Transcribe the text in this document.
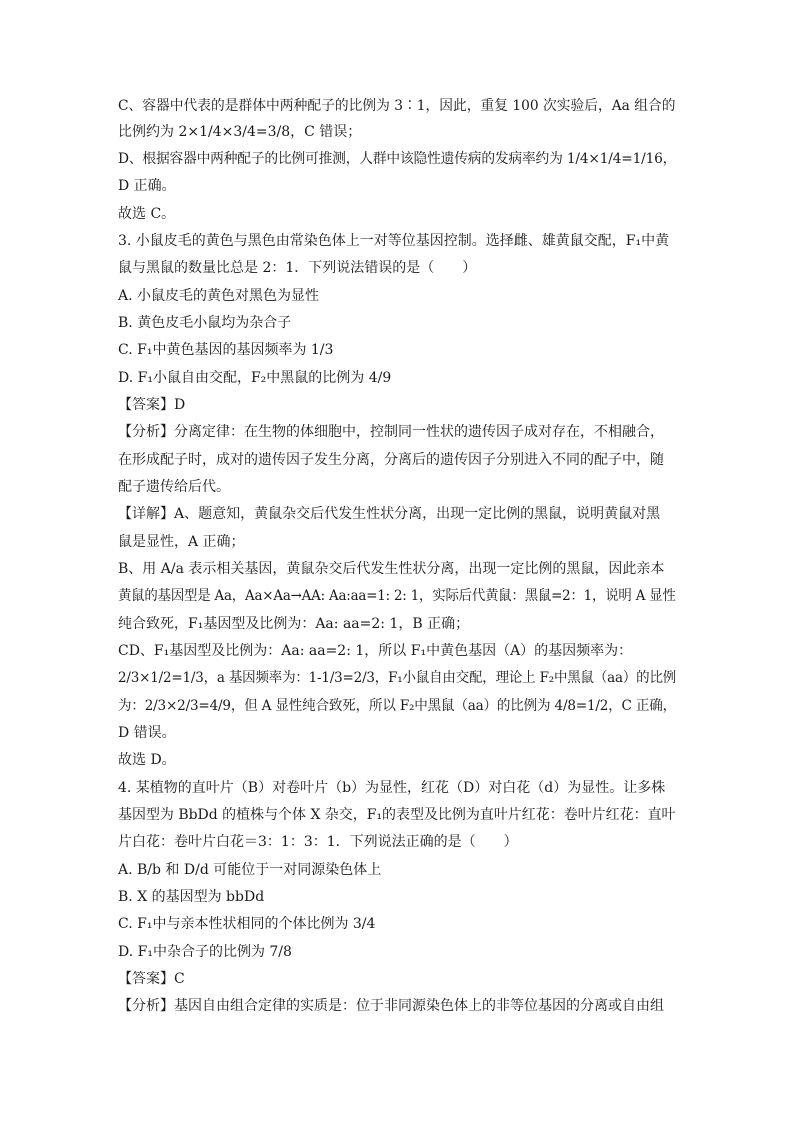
C、容器中代表的是群体中两种配子的比例为 3∶1，因此，重复 100 次实验后，Aa 组合的
比例约为 2×1/4×3/4=3/8，C 错误；
D、根据容器中两种配子的比例可推测，人群中该隐性遗传病的发病率约为 1/4×1/4=1/16，
D 正确。
故选 C。
3. 小鼠皮毛的黄色与黑色由常染色体上一对等位基因控制。选择雌、雄黄鼠交配，F₁中黄
鼠与黑鼠的数量比总是 2：1．下列说法错误的是（　　）
A. 小鼠皮毛的黄色对黑色为显性
B. 黄色皮毛小鼠均为杂合子
C. F₁中黄色基因的基因频率为 1/3
D. F₁小鼠自由交配，F₂中黑鼠的比例为 4/9
【答案】D
【分析】分离定律：在生物的体细胞中，控制同一性状的遗传因子成对存在，不相融合，
在形成配子时，成对的遗传因子发生分离，分离后的遗传因子分别进入不同的配子中，随
配子遗传给后代。
【详解】A、题意知，黄鼠杂交后代发生性状分离，出现一定比例的黑鼠，说明黄鼠对黑
鼠是显性，A 正确；
B、用 A/a 表示相关基因，黄鼠杂交后代发生性状分离，出现一定比例的黑鼠，因此亲本
黄鼠的基因型是 Aa，Aa×Aa→AA: Aa:aa=1: 2: 1，实际后代黄鼠：黑鼠=2：1，说明 A 显性
纯合致死，F₁基因型及比例为：Aa: aa=2: 1，B 正确；
CD、F₁基因型及比例为：Aa: aa=2: 1，所以 F₁中黄色基因（A）的基因频率为：
2/3×1/2=1/3，a 基因频率为：1-1/3=2/3，F₁小鼠自由交配，理论上 F₂中黑鼠（aa）的比例
为：2/3×2/3=4/9，但 A 显性纯合致死，所以 F₂中黑鼠（aa）的比例为 4/8=1/2，C 正确，
D 错误。
故选 D。
4. 某植物的直叶片（B）对卷叶片（b）为显性，红花（D）对白花（d）为显性。让多株
基因型为 BbDd 的植株与个体 X 杂交，F₁的表型及比例为直叶片红花：卷叶片红花：直叶
片白花：卷叶片白花＝3：1：3：1．下列说法正确的是（　　）
A. B/b 和 D/d 可能位于一对同源染色体上
B. X 的基因型为 bbDd
C. F₁中与亲本性状相同的个体比例为 3/4
D. F₁中杂合子的比例为 7/8
【答案】C
【分析】基因自由组合定律的实质是：位于非同源染色体上的非等位基因的分离或自由组
